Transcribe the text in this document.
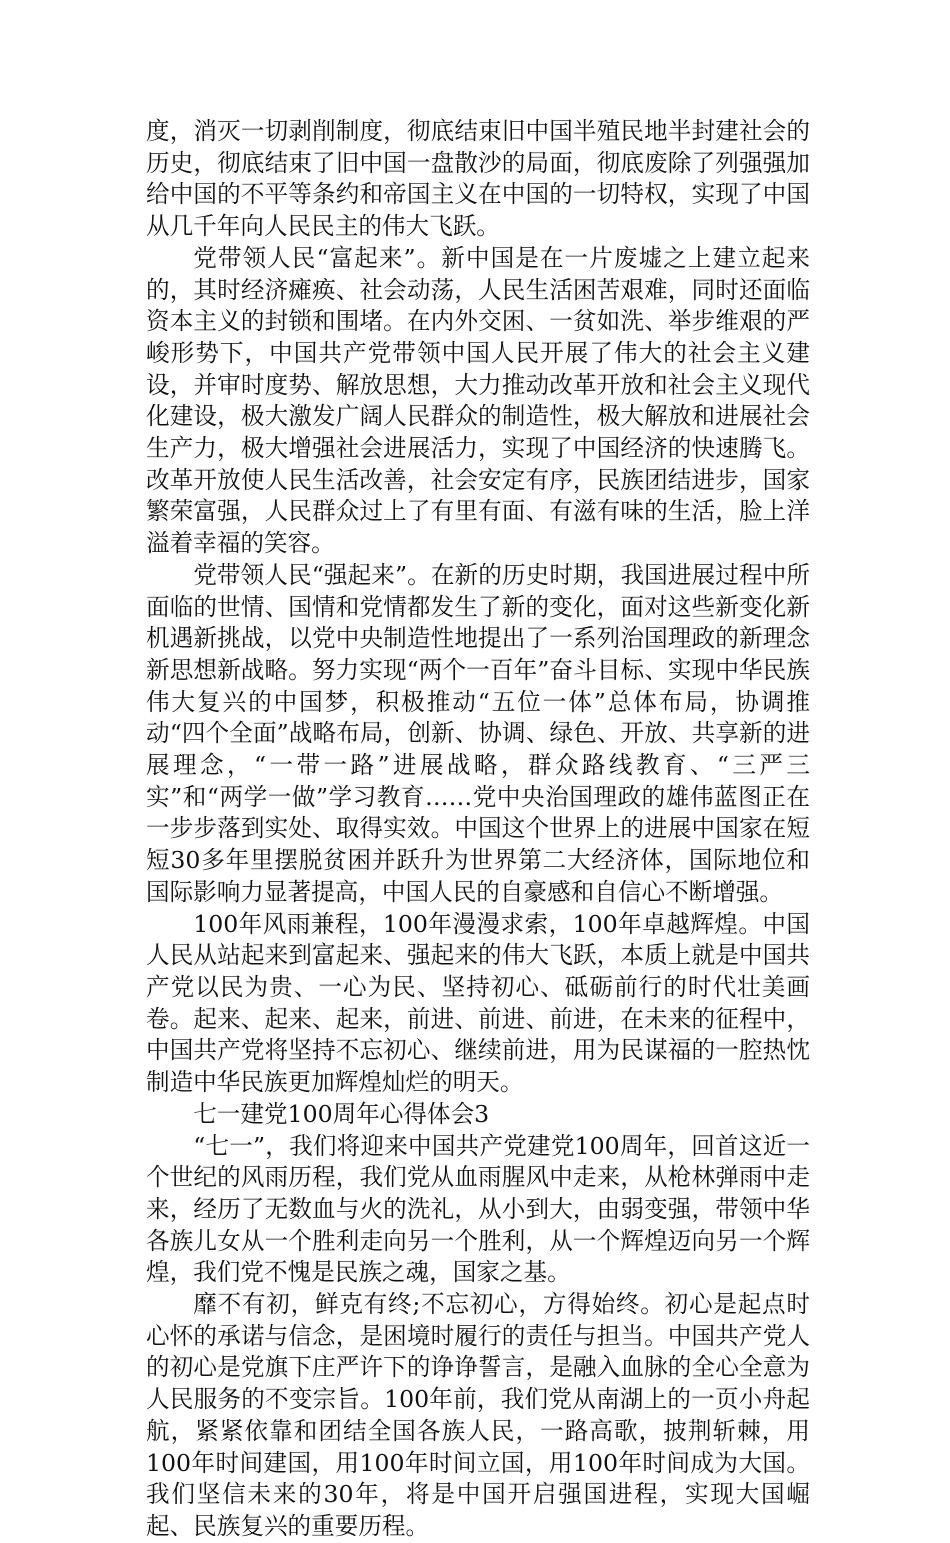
度，消灭一切剥削制度，彻底结束旧中国半殖民地半封建社会的历史，彻底结束了旧中国一盘散沙的局面，彻底废除了列强强加给中国的不平等条约和帝国主义在中国的一切特权，实现了中国从几千年向人民民主的伟大飞跃。

党带领人民“富起来”。新中国是在一片废墟之上建立起来的，其时经济瘫痪、社会动荡，人民生活困苦艰难，同时还面临资本主义的封锁和围堵。在内外交困、一贫如洗、举步维艰的严峻形势下，中国共产党带领中国人民开展了伟大的社会主义建设，并审时度势、解放思想，大力推动改革开放和社会主义现代化建设，极大激发广阔人民群众的制造性，极大解放和进展社会生产力，极大增强社会进展活力，实现了中国经济的快速腾飞。改革开放使人民生活改善，社会安定有序，民族团结进步，国家繁荣富强，人民群众过上了有里有面、有滋有味的生活，脸上洋溢着幸福的笑容。

党带领人民“强起来”。在新的历史时期，我国进展过程中所面临的世情、国情和党情都发生了新的变化，面对这些新变化新机遇新挑战，以党中央制造性地提出了一系列治国理政的新理念新思想新战略。努力实现“两个一百年”奋斗目标、实现中华民族伟大复兴的中国梦，积极推动“五位一体”总体布局，协调推动“四个全面”战略布局，创新、协调、绿色、开放、共享新的进展理念，“一带一路”进展战略，群众路线教育、“三严三实”和“两学一做”学习教育……党中央治国理政的雄伟蓝图正在一步步落到实处、取得实效。中国这个世界上的进展中国家在短短30多年里摆脱贫困并跃升为世界第二大经济体，国际地位和国际影响力显著提高，中国人民的自豪感和自信心不断增强。

100年风雨兼程，100年漫漫求索，100年卓越辉煌。中国人民从站起来到富起来、强起来的伟大飞跃，本质上就是中国共产党以民为贵、一心为民、坚持初心、砥砺前行的时代壮美画卷。起来、起来、起来，前进、前进、前进，在未来的征程中，中国共产党将坚持不忘初心、继续前进，用为民谋福的一腔热忱制造中华民族更加辉煌灿烂的明天。

七一建党100周年心得体会3

“七一”，我们将迎来中国共产党建党100周年，回首这近一个世纪的风雨历程，我们党从血雨腥风中走来，从枪林弹雨中走来，经历了无数血与火的洗礼，从小到大，由弱变强，带领中华各族儿女从一个胜利走向另一个胜利，从一个辉煌迈向另一个辉煌，我们党不愧是民族之魂，国家之基。

靡不有初，鲜克有终;不忘初心，方得始终。初心是起点时心怀的承诺与信念，是困境时履行的责任与担当。中国共产党人的初心是党旗下庄严许下的诤诤誓言，是融入血脉的全心全意为人民服务的不变宗旨。100年前，我们党从南湖上的一页小舟起航，紧紧依靠和团结全国各族人民，一路高歌，披荆斩棘，用100年时间建国，用100年时间立国，用100年时间成为大国。我们坚信未来的30年，将是中国开启强国进程，实现大国崛起、民族复兴的重要历程。
